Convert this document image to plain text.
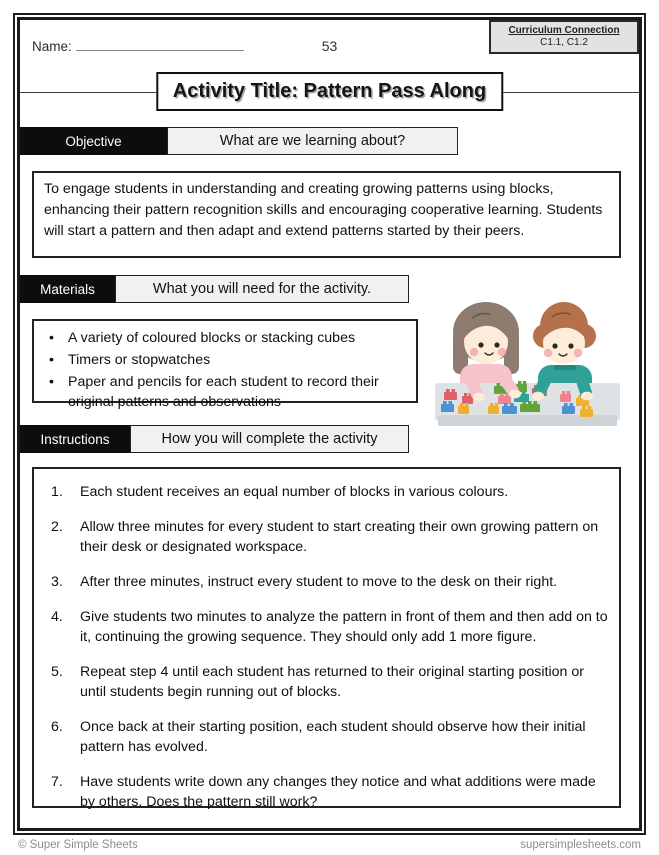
Name:	53
Curriculum Connection
C1.1, C1.2
Activity Title: Pattern Pass Along
Objective	What are we learning about?
To engage students in understanding and creating growing patterns using blocks, enhancing their pattern recognition skills and encouraging cooperative learning. Students will start a pattern and then adapt and extend patterns started by their peers.
Materials	What you will need for the activity.
• A variety of coloured blocks or stacking cubes
• Timers or stopwatches
• Paper and pencils for each student to record their original patterns and observations
Instructions	How you will complete the activity
Each student receives an equal number of blocks in various colours.
Allow three minutes for every student to start creating their own growing pattern on their desk or designated workspace.
After three minutes, instruct every student to move to the desk on their right.
Give students two minutes to analyze the pattern in front of them and then add on to it, continuing the growing sequence. They should only add 1 more figure.
Repeat step 4 until each student has returned to their original starting position or until students begin running out of blocks.
Once back at their starting position, each student should observe how their initial pattern has evolved.
Have students write down any changes they notice and what additions were made by others. Does the pattern still work?
© Super Simple Sheets	supersimplesheets.com
